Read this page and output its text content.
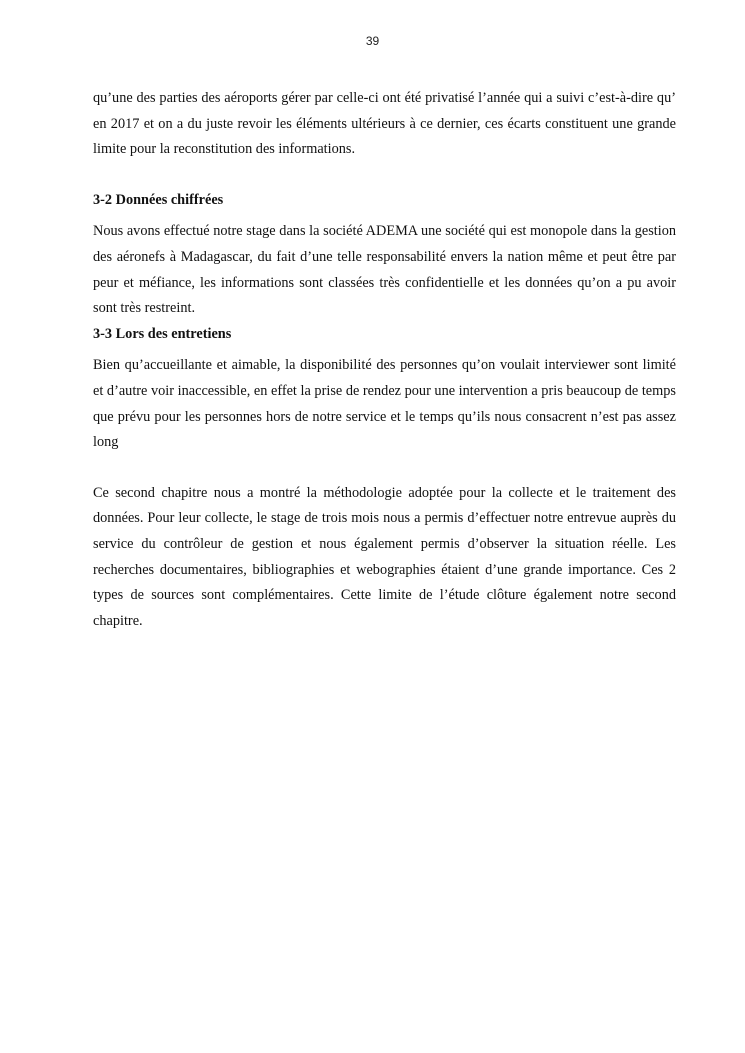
39

qu’une des parties des aéroports gérer par celle-ci ont été privatisé l’année qui a suivi c’est-à-dire qu’ en 2017 et on a du juste revoir les éléments ultérieurs à ce dernier, ces écarts constituent une grande limite pour la reconstitution des informations.

3-2 Données chiffrées

Nous avons effectué notre stage dans la société ADEMA une société qui est monopole dans la gestion des aéronefs à Madagascar, du fait d’une telle responsabilité envers la nation même et peut être par peur et méfiance, les informations sont classées très confidentielle et les données qu’on a pu avoir sont très restreint.

3-3 Lors des entretiens

Bien qu’accueillante et aimable, la disponibilité des personnes qu’on voulait interviewer sont limité et d’autre voir inaccessible, en effet la prise de rendez pour une intervention a pris beaucoup de temps que prévu pour les personnes hors de notre service et le temps qu’ils nous consacrent n’est pas assez long

Ce second chapitre nous a montré la méthodologie adoptée pour la collecte et le traitement des données. Pour leur collecte, le stage de trois mois nous a permis d’effectuer notre entrevue auprès du service du contrôleur de gestion et nous également permis d’observer la situation réelle. Les recherches documentaires, bibliographies et webographies étaient d’une grande importance. Ces 2 types de sources sont complémentaires. Cette limite de l’étude clôture également notre second chapitre.
